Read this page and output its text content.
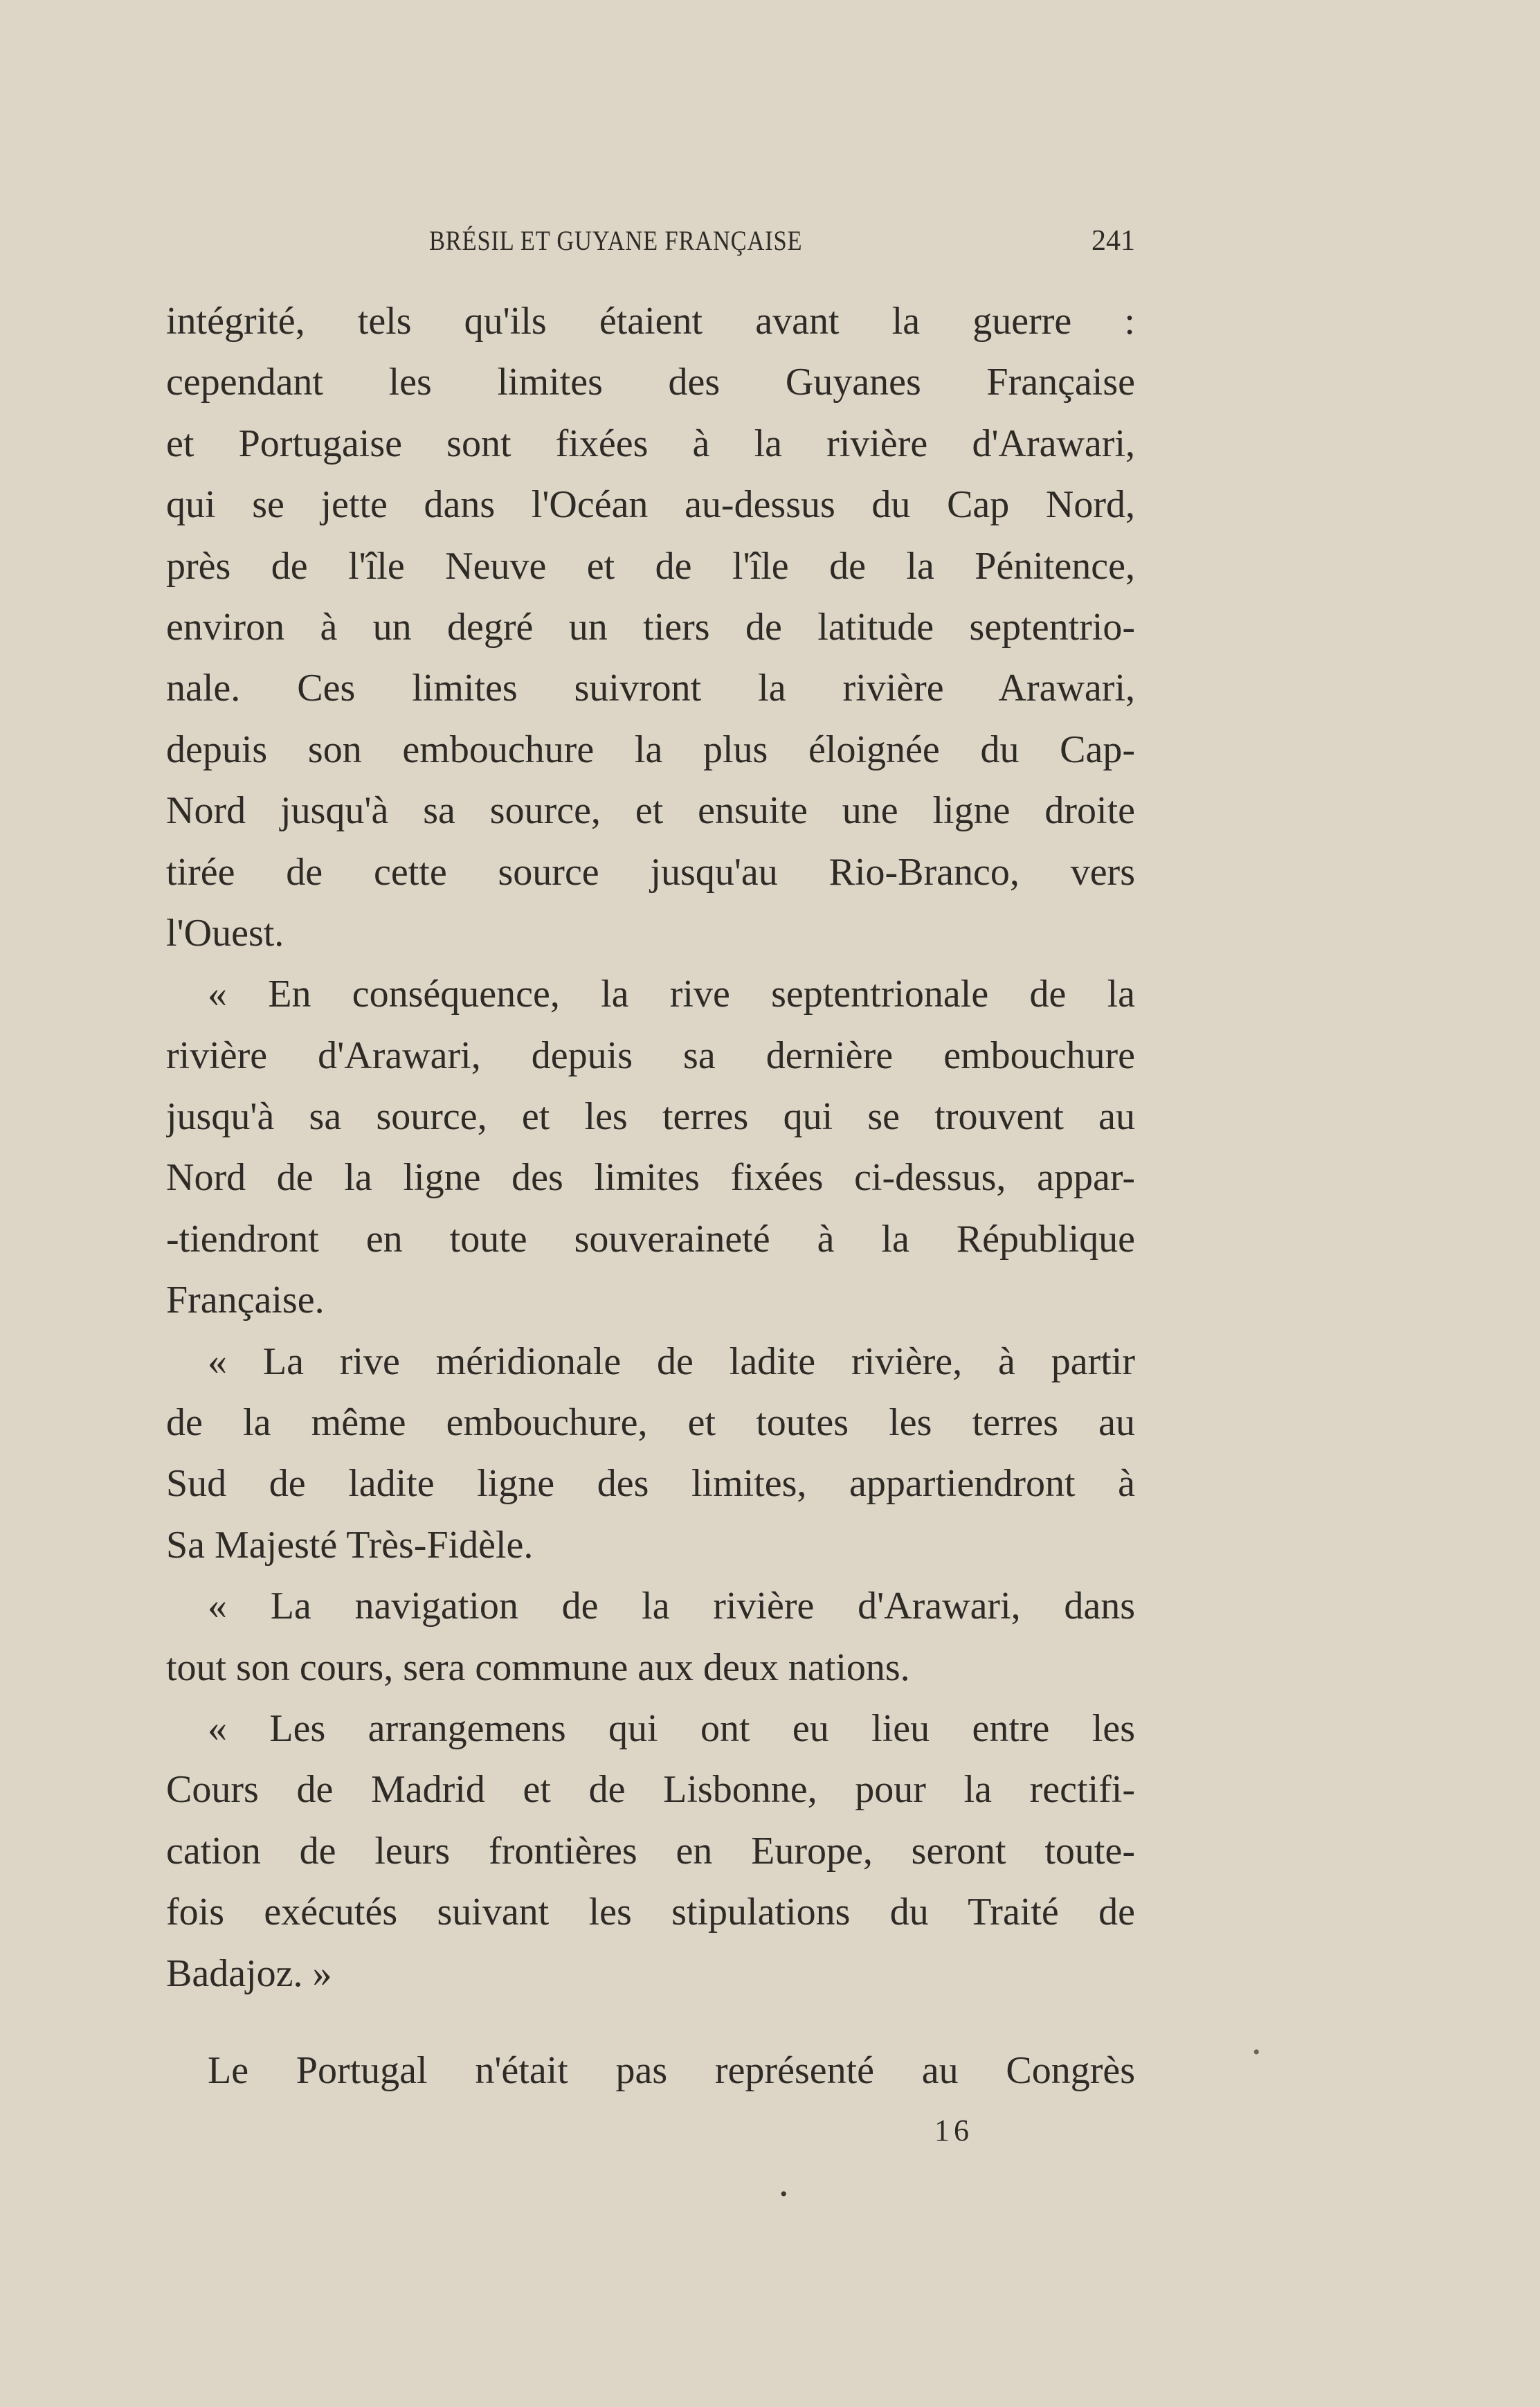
BRÉSIL ET GUYANE FRANÇAISE	241
intégrité, tels qu'ils étaient avant la guerre :
cependant les limites des Guyanes Française
et Portugaise sont fixées à la rivière d'Arawari,
qui se jette dans l'Océan au-dessus du Cap Nord,
près de l'île Neuve et de l'île de la Pénitence,
environ à un degré un tiers de latitude septentrio-
nale. Ces limites suivront la rivière Arawari,
depuis son embouchure la plus éloignée du Cap-
Nord jusqu'à sa source, et ensuite une ligne droite
tirée de cette source jusqu'au Rio-Branco, vers
l'Ouest.
« En conséquence, la rive septentrionale de la
rivière d'Arawari, depuis sa dernière embouchure
jusqu'à sa source, et les terres qui se trouvent au
Nord de la ligne des limites fixées ci-dessus, appar-
-tiendront en toute souveraineté à la République
Française.
« La rive méridionale de ladite rivière, à partir
de la même embouchure, et toutes les terres au
Sud de ladite ligne des limites, appartiendront à
Sa Majesté Très-Fidèle.
« La navigation de la rivière d'Arawari, dans
tout son cours, sera commune aux deux nations.
« Les arrangemens qui ont eu lieu entre les
Cours de Madrid et de Lisbonne, pour la rectifi-
cation de leurs frontières en Europe, seront toute-
fois exécutés suivant les stipulations du Traité de
Badajoz. »
Le Portugal n'était pas représenté au Congrès
16
•
•
